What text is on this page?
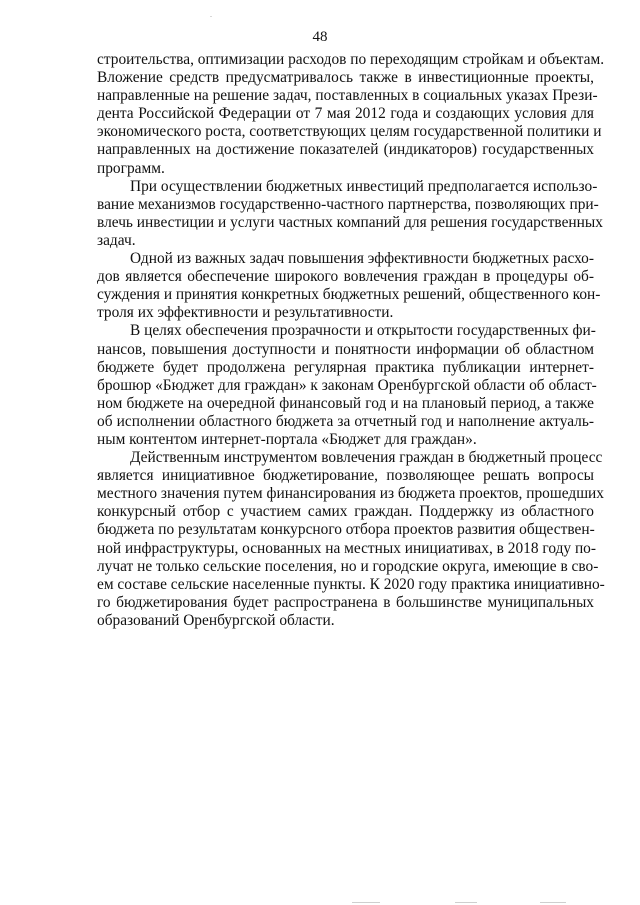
48
строительства, оптимизации расходов по переходящим стройкам и объектам.
Вложение средств предусматривалось также в инвестиционные проекты,
направленные на решение задач, поставленных в социальных указах Прези-
дента Российской Федерации от 7 мая 2012 года и создающих условия для
экономического роста, соответствующих целям государственной политики и
направленных на достижение показателей (индикаторов) государственных
программ.
При осуществлении бюджетных инвестиций предполагается использо-
вание механизмов государственно-частного партнерства, позволяющих при-
влечь инвестиции и услуги частных компаний для решения государственных
задач.
Одной из важных задач повышения эффективности бюджетных расхо-
дов является обеспечение широкого вовлечения граждан в процедуры об-
суждения и принятия конкретных бюджетных решений, общественного кон-
троля их эффективности и результативности.
В целях обеспечения прозрачности и открытости государственных фи-
нансов, повышения доступности и понятности информации об областном
бюджете будет продолжена регулярная практика публикации интернет-
брошюр «Бюджет для граждан» к законам Оренбургской области об област-
ном бюджете на очередной финансовый год и на плановый период, а также
об исполнении областного бюджета за отчетный год и наполнение актуаль-
ным контентом интернет-портала «Бюджет для граждан».
Действенным инструментом вовлечения граждан в бюджетный процесс
является инициативное бюджетирование, позволяющее решать вопросы
местного значения путем финансирования из бюджета проектов, прошедших
конкурсный отбор с участием самих граждан. Поддержку из областного
бюджета по результатам конкурсного отбора проектов развития обществен-
ной инфраструктуры, основанных на местных инициативах, в 2018 году по-
лучат не только сельские поселения, но и городские округа, имеющие в сво-
ем составе сельские населенные пункты. К 2020 году практика инициативно-
го бюджетирования будет распространена в большинстве муниципальных
образований Оренбургской области.
